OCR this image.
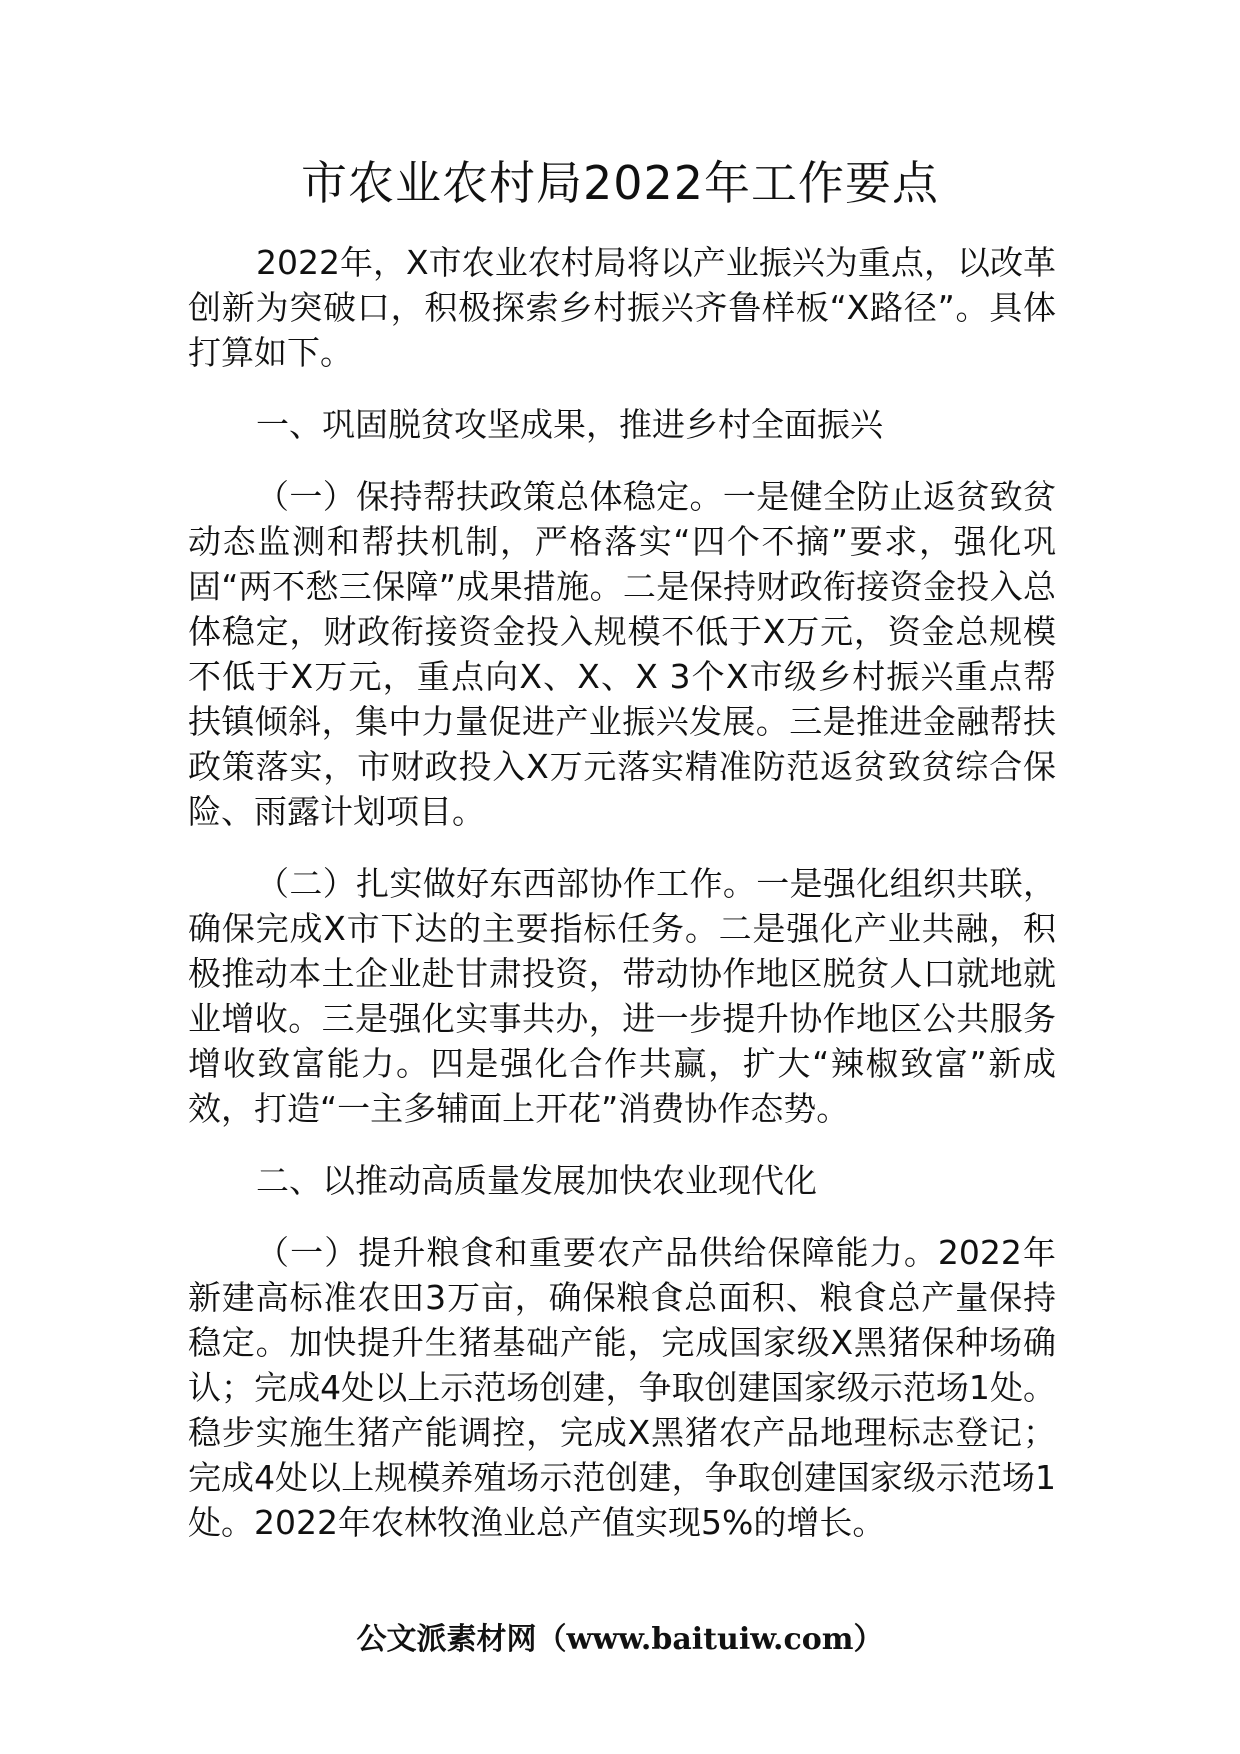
市农业农村局2022年工作要点

2022年，X市农业农村局将以产业振兴为重点，以改革创新为突破口，积极探索乡村振兴齐鲁样板“X路径”。具体打算如下。

一、巩固脱贫攻坚成果，推进乡村全面振兴

（一）保持帮扶政策总体稳定。一是健全防止返贫致贫动态监测和帮扶机制，严格落实“四个不摘”要求，强化巩固“两不愁三保障”成果措施。二是保持财政衔接资金投入总体稳定，财政衔接资金投入规模不低于X万元，资金总规模不低于X万元，重点向X、X、X 3个X市级乡村振兴重点帮扶镇倾斜，集中力量促进产业振兴发展。三是推进金融帮扶政策落实，市财政投入X万元落实精准防范返贫致贫综合保险、雨露计划项目。

（二）扎实做好东西部协作工作。一是强化组织共联，确保完成X市下达的主要指标任务。二是强化产业共融，积极推动本土企业赴甘肃投资，带动协作地区脱贫人口就地就业增收。三是强化实事共办，进一步提升协作地区公共服务增收致富能力。四是强化合作共赢，扩大“辣椒致富”新成效，打造“一主多辅面上开花”消费协作态势。

二、以推动高质量发展加快农业现代化

（一）提升粮食和重要农产品供给保障能力。2022年新建高标准农田3万亩，确保粮食总面积、粮食总产量保持稳定。加快提升生猪基础产能，完成国家级X黑猪保种场确认；完成4处以上示范场创建，争取创建国家级示范场1处。稳步实施生猪产能调控，完成X黑猪农产品地理标志登记；完成4处以上规模养殖场示范创建，争取创建国家级示范场1处。2022年农林牧渔业总产值实现5%的增长。

公文派素材网（www.baituiw.com）
